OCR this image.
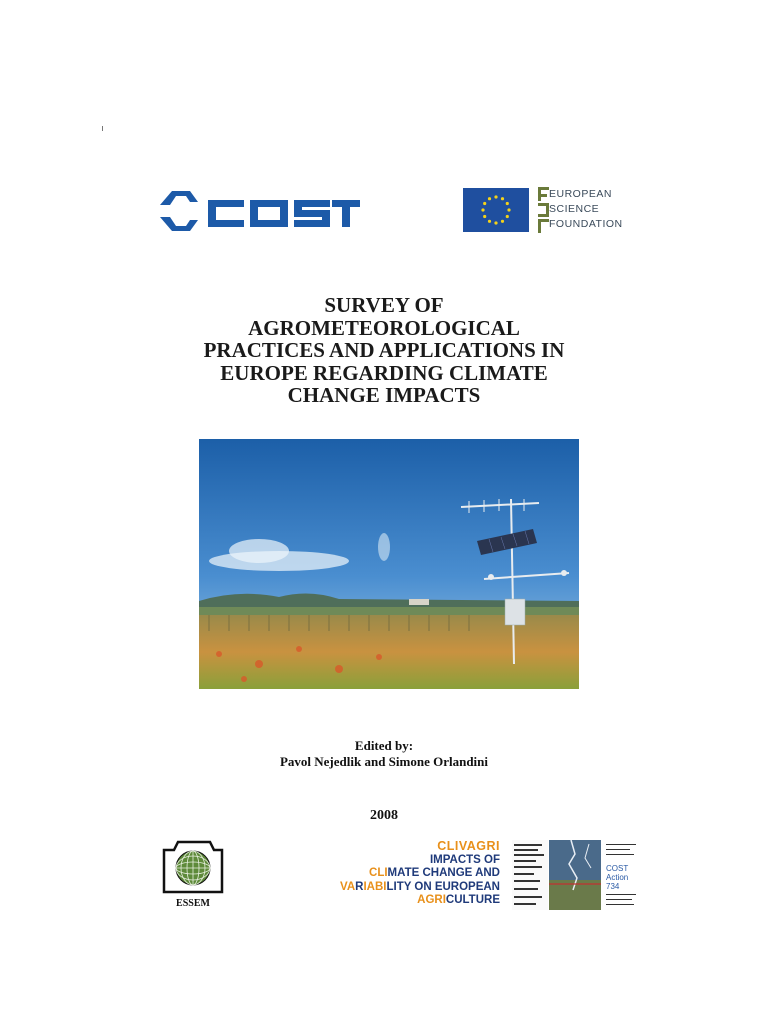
cost	EUROPEAN
SCIENCE
FOUNDATION
SURVEY OF
AGROMETEOROLOGICAL
PRACTICES AND APPLICATIONS IN
EUROPE REGARDING CLIMATE
CHANGE IMPACTS
Edited by:
Pavol Nejedlik and Simone Orlandini
2008
ESSEM
CLIVAGRI
IMPACTS OF
CLIMATE CHANGE AND
VARIABILITY ON EUROPEAN
AGRICULTURE
COST
Action
734
